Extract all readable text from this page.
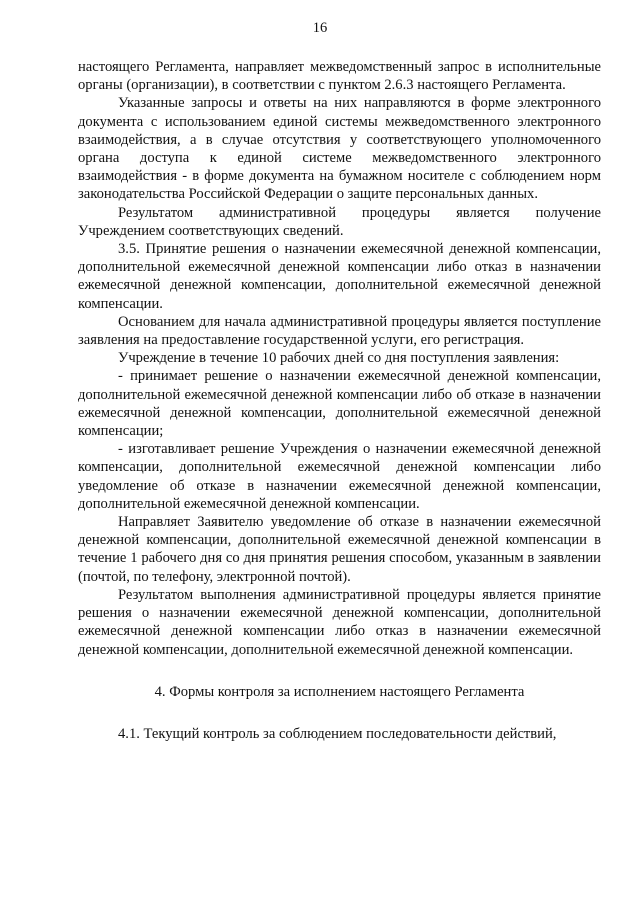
16

настоящего Регламента, направляет межведомственный запрос в исполнительные органы (организации), в соответствии с пунктом 2.6.3 настоящего Регламента.

Указанные запросы и ответы на них направляются в форме электронного документа с использованием единой системы межведомственного электронного взаимодействия, а в случае отсутствия у соответствующего уполномоченного органа доступа к единой системе межведомственного электронного взаимодействия - в форме документа на бумажном носителе с соблюдением норм законодательства Российской Федерации о защите персональных данных.

Результатом административной процедуры является получение Учреждением соответствующих сведений.

3.5. Принятие решения о назначении ежемесячной денежной компенсации, дополнительной ежемесячной денежной компенсации либо отказ в назначении ежемесячной денежной компенсации, дополнительной ежемесячной денежной компенсации.

Основанием для начала административной процедуры является поступление заявления на предоставление государственной услуги, его регистрация.

Учреждение в течение 10 рабочих дней со дня поступления заявления:

- принимает решение о назначении ежемесячной денежной компенсации, дополнительной ежемесячной денежной компенсации либо об отказе в назначении ежемесячной денежной компенсации, дополнительной ежемесячной денежной компенсации;

- изготавливает решение Учреждения о назначении ежемесячной денежной компенсации, дополнительной ежемесячной денежной компенсации либо уведомление об отказе в назначении ежемесячной денежной компенсации, дополнительной ежемесячной денежной компенсации.

Направляет Заявителю уведомление об отказе в назначении ежемесячной денежной компенсации, дополнительной ежемесячной денежной компенсации в течение 1 рабочего дня со дня принятия решения способом, указанным в заявлении (почтой, по телефону, электронной почтой).

Результатом выполнения административной процедуры является принятие решения о назначении ежемесячной денежной компенсации, дополнительной ежемесячной денежной компенсации либо отказ в назначении ежемесячной денежной компенсации, дополнительной ежемесячной денежной компенсации.

4. Формы контроля за исполнением настоящего Регламента

4.1. Текущий контроль за соблюдением последовательности действий,
